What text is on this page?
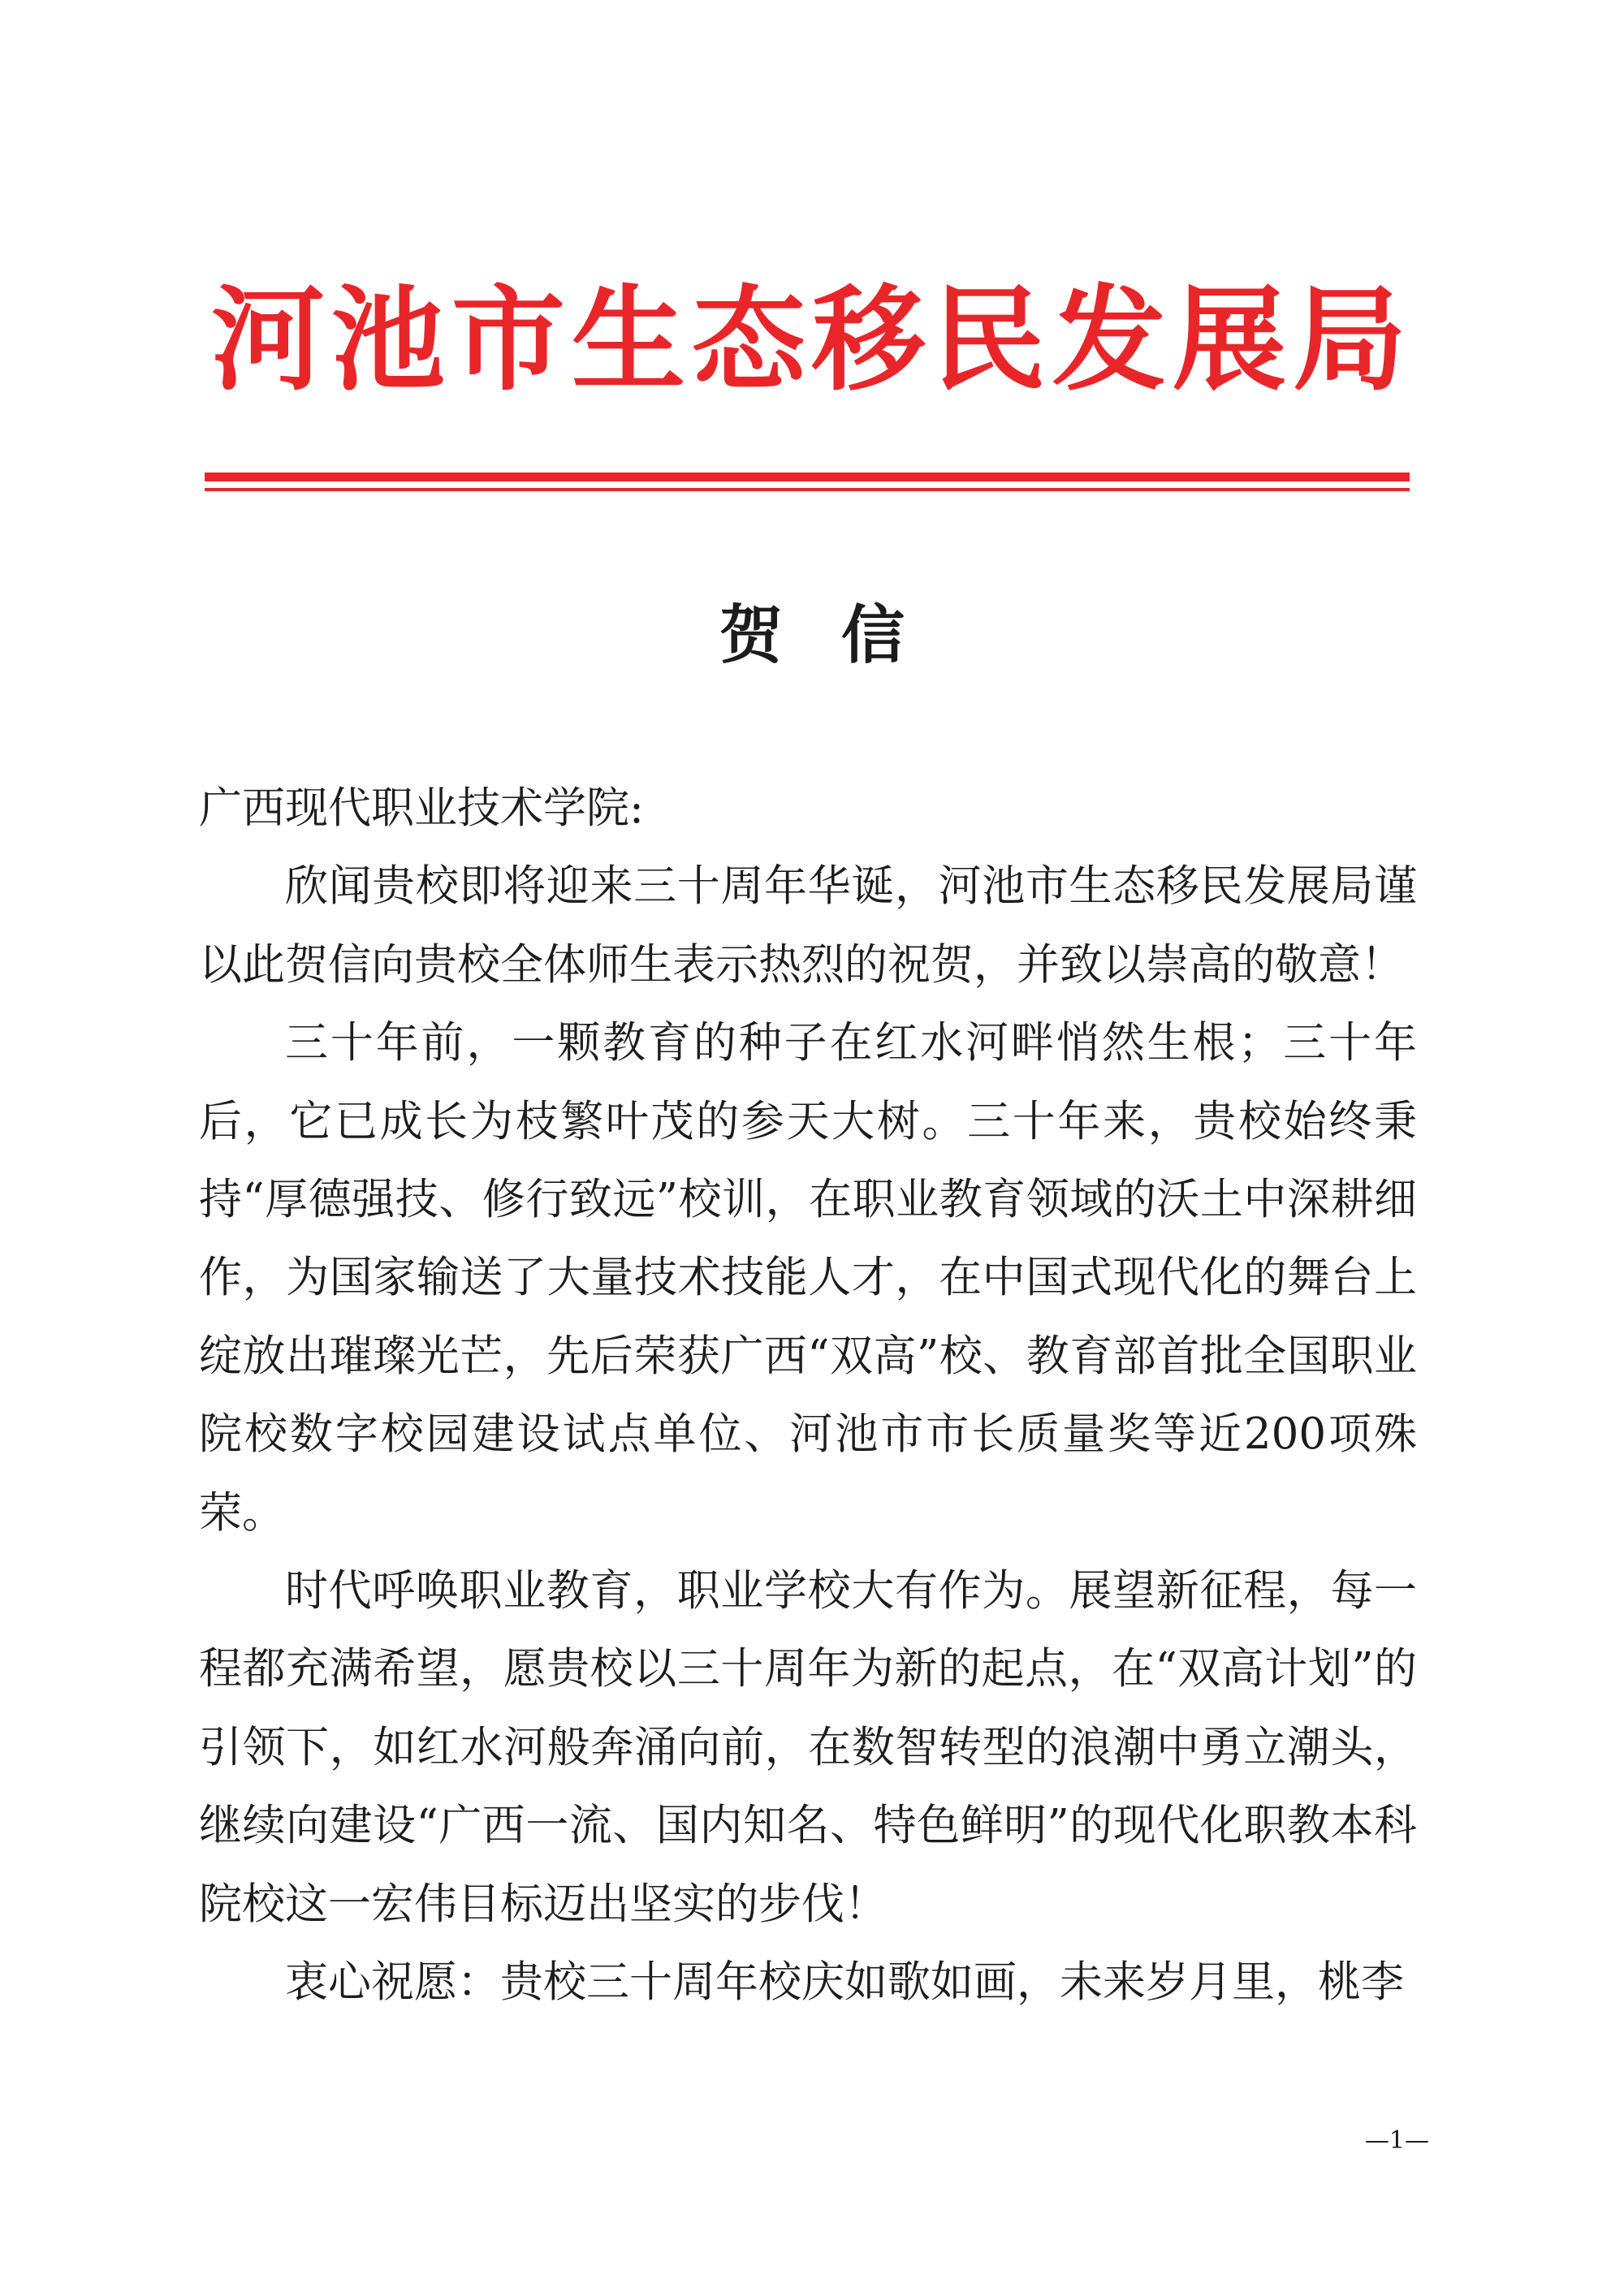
河池市生态移民发展局
贺信

广西现代职业技术学院:

欣闻贵校即将迎来三十周年华诞，河池市生态移民发展局谨以此贺信向贵校全体师生表示热烈的祝贺，并致以崇高的敬意！

三十年前，一颗教育的种子在红水河畔悄然生根；三十年后，它已成长为枝繁叶茂的参天大树。三十年来，贵校始终秉持“厚德强技、修行致远”校训，在职业教育领域的沃土中深耕细作，为国家输送了大量技术技能人才，在中国式现代化的舞台上绽放出璀璨光芒，先后荣获广西“双高”校、教育部首批全国职业院校数字校园建设试点单位、河池市市长质量奖等近200项殊荣。

时代呼唤职业教育，职业学校大有作为。展望新征程，每一程都充满希望，愿贵校以三十周年为新的起点，在“双高计划”的引领下，如红水河般奔涌向前，在数智转型的浪潮中勇立潮头，继续向建设“广西一流、国内知名、特色鲜明”的现代化职教本科院校这一宏伟目标迈出坚实的步伐！

衷心祝愿：贵校三十周年校庆如歌如画，未来岁月里，桃李

—1—
